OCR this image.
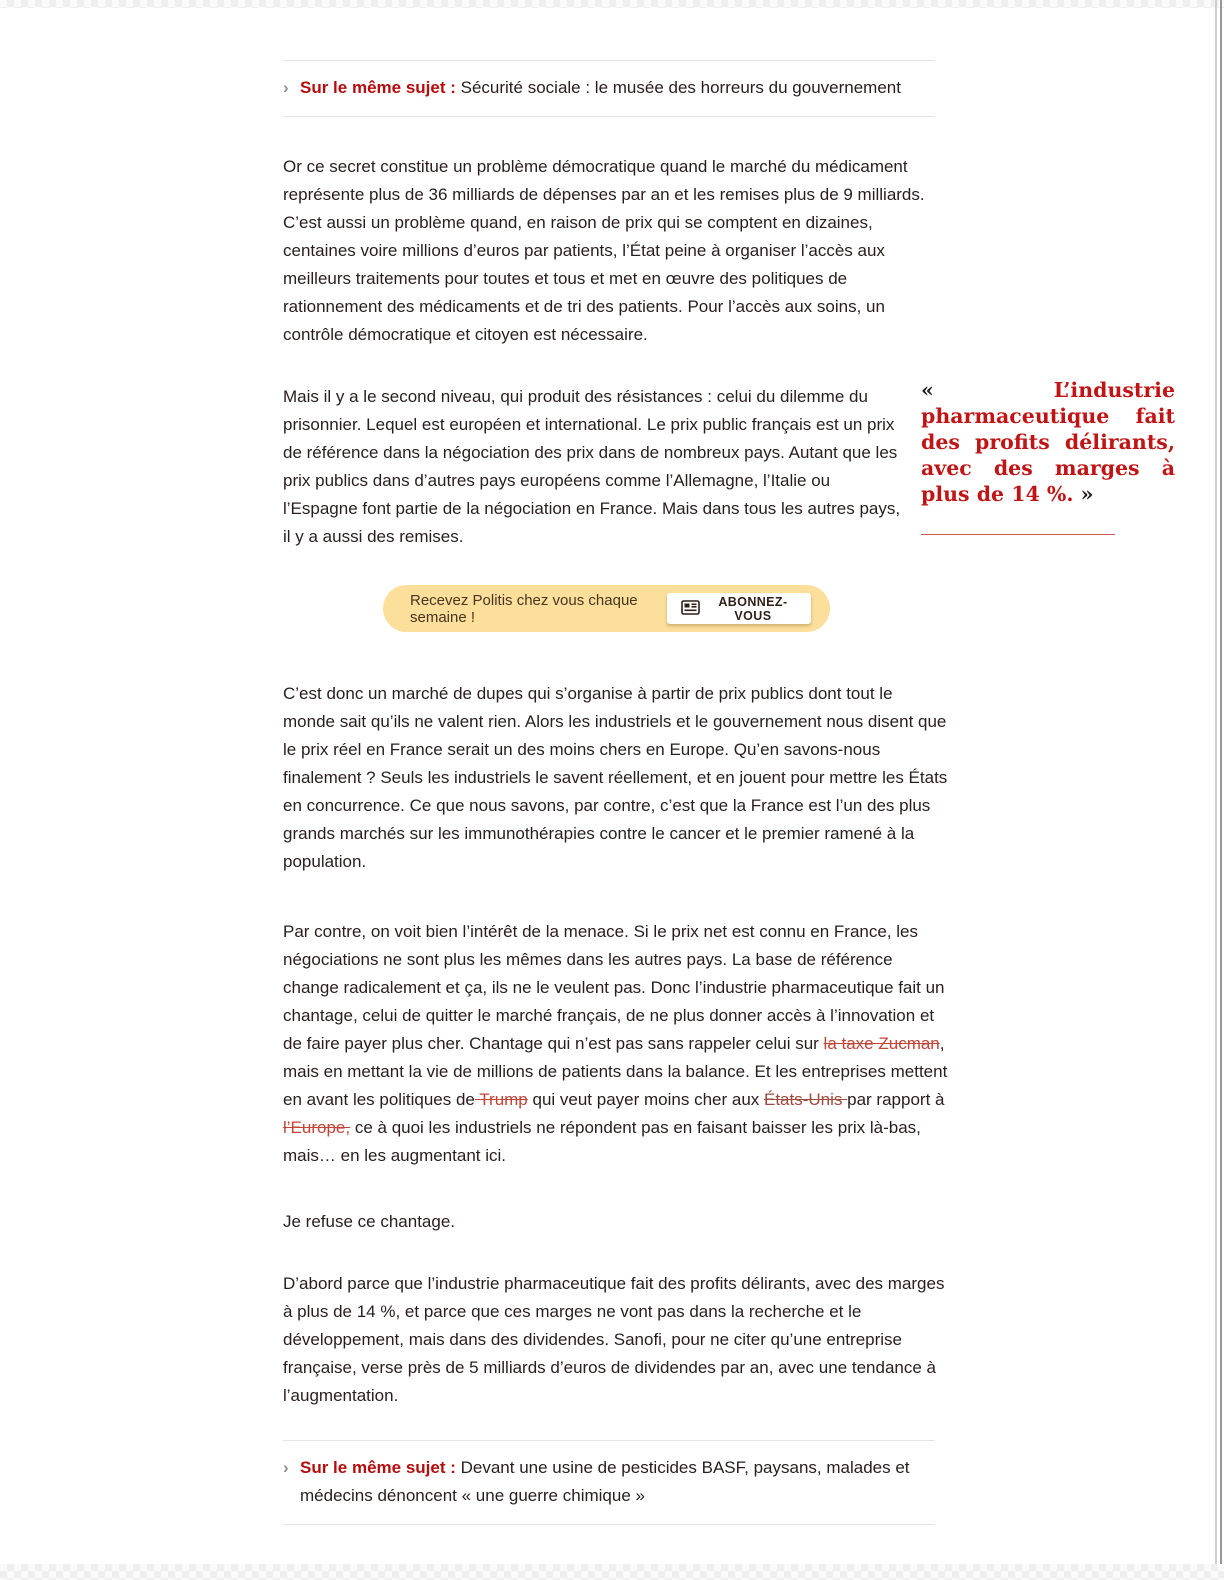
› Sur le même sujet : Sécurité sociale : le musée des horreurs du gouvernement

Or ce secret constitue un problème démocratique quand le marché du médicament représente plus de 36 milliards de dépenses par an et les remises plus de 9 milliards. C’est aussi un problème quand, en raison de prix qui se comptent en dizaines, centaines voire millions d’euros par patients, l’État peine à organiser l’accès aux meilleurs traitements pour toutes et tous et met en œuvre des politiques de rationnement des médicaments et de tri des patients. Pour l’accès aux soins, un contrôle démocratique et citoyen est nécessaire.

Mais il y a le second niveau, qui produit des résistances : celui du dilemme du prisonnier. Lequel est européen et international. Le prix public français est un prix de référence dans la négociation des prix dans de nombreux pays. Autant que les prix publics dans d’autres pays européens comme l’Allemagne, l’Italie ou l’Espagne font partie de la négociation en France. Mais dans tous les autres pays, il y a aussi des remises.

« L’industrie pharmaceutique fait des profits délirants, avec des marges à plus de 14 %. »

Recevez Politis chez vous chaque semaine !
ABONNEZ-VOUS

C’est donc un marché de dupes qui s’organise à partir de prix publics dont tout le monde sait qu’ils ne valent rien. Alors les industriels et le gouvernement nous disent que le prix réel en France serait un des moins chers en Europe. Qu’en savons-nous finalement ? Seuls les industriels le savent réellement, et en jouent pour mettre les États en concurrence. Ce que nous savons, par contre, c’est que la France est l’un des plus grands marchés sur les immunothérapies contre le cancer et le premier ramené à la population.

Par contre, on voit bien l’intérêt de la menace. Si le prix net est connu en France, les négociations ne sont plus les mêmes dans les autres pays. La base de référence change radicalement et ça, ils ne le veulent pas. Donc l’industrie pharmaceutique fait un chantage, celui de quitter le marché français, de ne plus donner accès à l’innovation et de faire payer plus cher. Chantage qui n’est pas sans rappeler celui sur la taxe Zucman, mais en mettant la vie de millions de patients dans la balance. Et les entreprises mettent en avant les politiques de Trump qui veut payer moins cher aux États-Unis par rapport à l’Europe, ce à quoi les industriels ne répondent pas en faisant baisser les prix là-bas, mais… en les augmentant ici.

Je refuse ce chantage.

D’abord parce que l’industrie pharmaceutique fait des profits délirants, avec des marges à plus de 14 %, et parce que ces marges ne vont pas dans la recherche et le développement, mais dans des dividendes. Sanofi, pour ne citer qu’une entreprise française, verse près de 5 milliards d’euros de dividendes par an, avec une tendance à l’augmentation.

› Sur le même sujet : Devant une usine de pesticides BASF, paysans, malades et médecins dénoncent « une guerre chimique »
